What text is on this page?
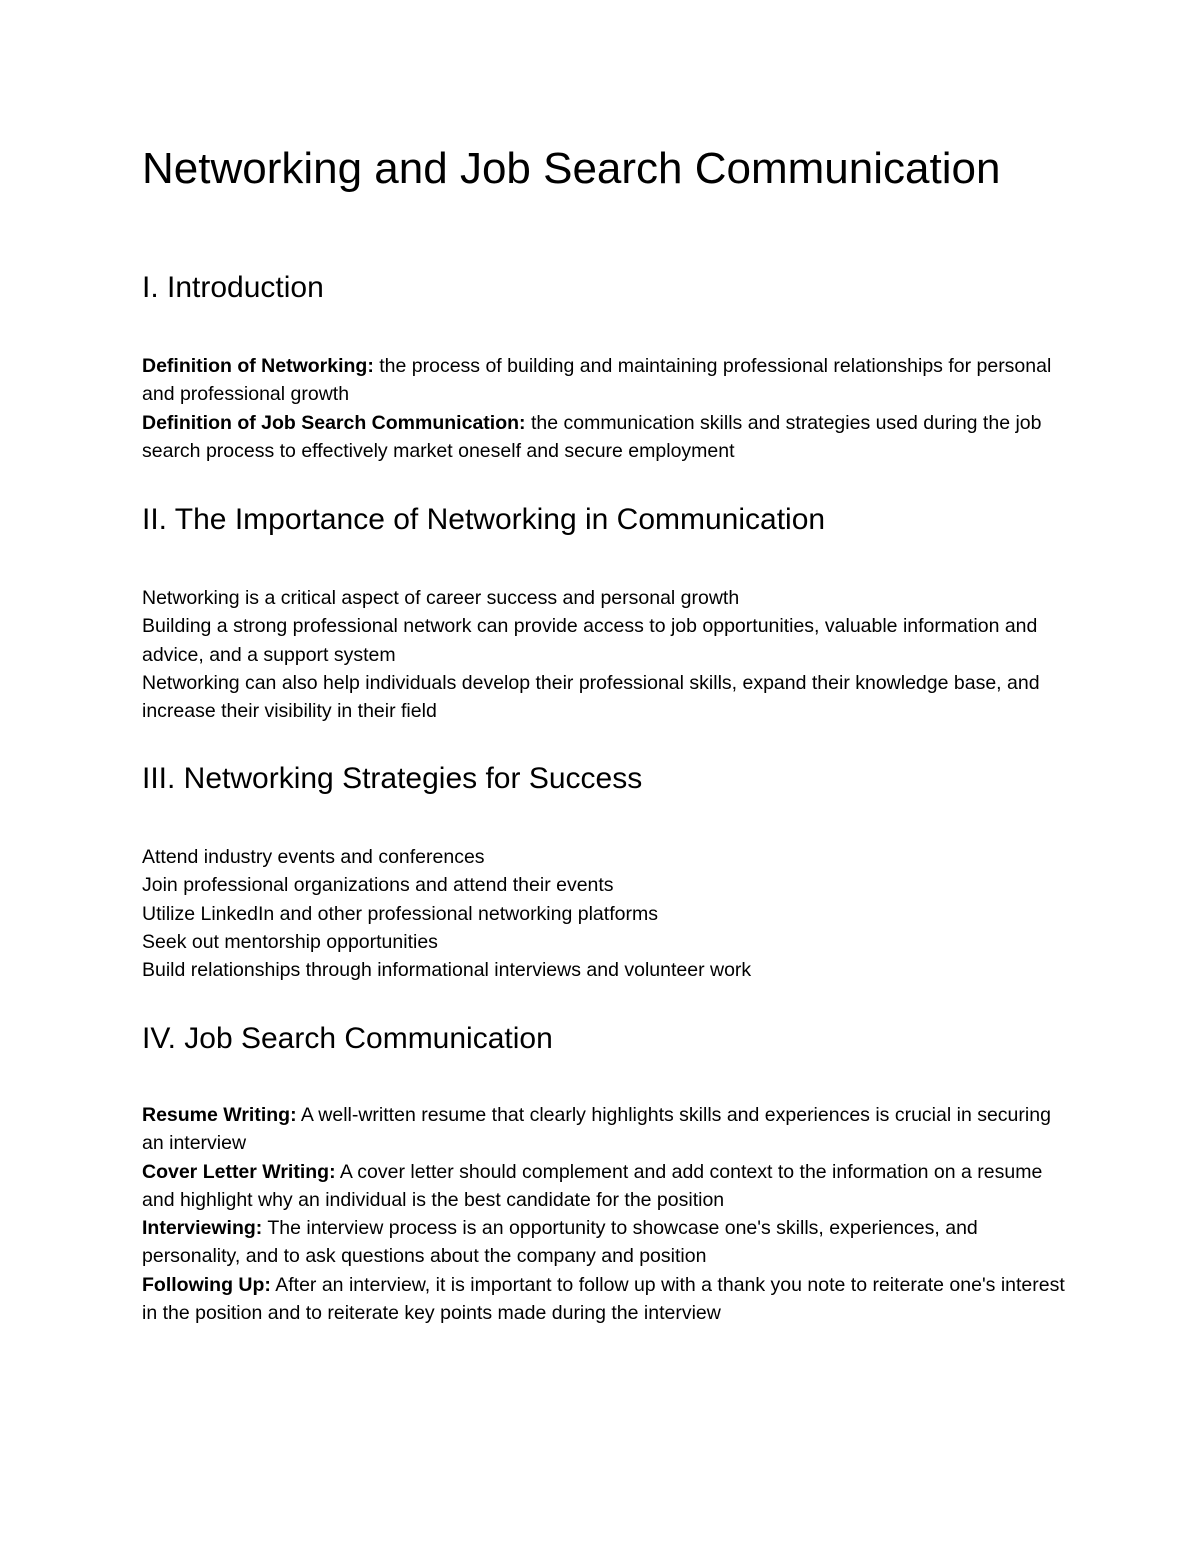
Networking and Job Search Communication
I. Introduction

Definition of Networking: the process of building and maintaining professional relationships for personal and professional growth

Definition of Job Search Communication: the communication skills and strategies used during the job search process to effectively market oneself and secure employment

II. The Importance of Networking in Communication

Networking is a critical aspect of career success and personal growth

Building a strong professional network can provide access to job opportunities, valuable information and advice, and a support system

Networking can also help individuals develop their professional skills, expand their knowledge base, and increase their visibility in their field

III. Networking Strategies for Success

Attend industry events and conferences

Join professional organizations and attend their events

Utilize LinkedIn and other professional networking platforms

Seek out mentorship opportunities

Build relationships through informational interviews and volunteer work

IV. Job Search Communication

Resume Writing: A well-written resume that clearly highlights skills and experiences is crucial in securing an interview

Cover Letter Writing: A cover letter should complement and add context to the information on a resume and highlight why an individual is the best candidate for the position

Interviewing: The interview process is an opportunity to showcase one's skills, experiences, and personality, and to ask questions about the company and position

Following Up: After an interview, it is important to follow up with a thank you note to reiterate one's interest in the position and to reiterate key points made during the interview
